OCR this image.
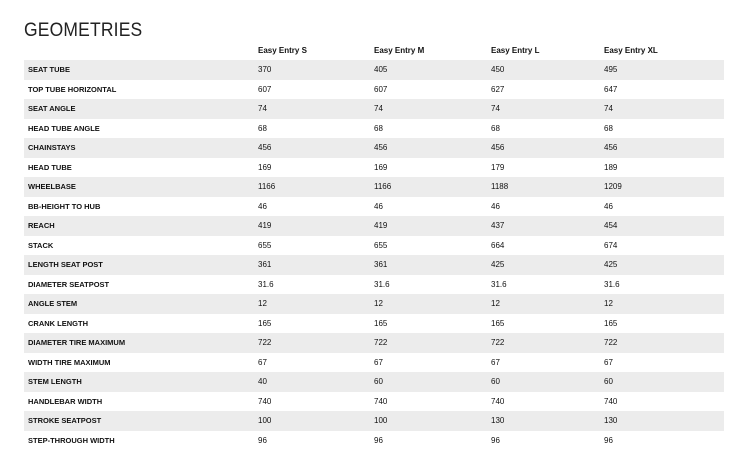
GEOMETRIES
Easy Entry S	Easy Entry M	Easy Entry L	Easy Entry XL
SEAT TUBE	370	405	450	495
TOP TUBE HORIZONTAL	607	607	627	647
SEAT ANGLE	74	74	74	74
HEAD TUBE ANGLE	68	68	68	68
CHAINSTAYS	456	456	456	456
HEAD TUBE	169	169	179	189
WHEELBASE	1166	1166	1188	1209
BB-HEIGHT TO HUB	46	46	46	46
REACH	419	419	437	454
STACK	655	655	664	674
LENGTH SEAT POST	361	361	425	425
DIAMETER SEATPOST	31.6	31.6	31.6	31.6
ANGLE STEM	12	12	12	12
CRANK LENGTH	165	165	165	165
DIAMETER TIRE MAXIMUM	722	722	722	722
WIDTH TIRE MAXIMUM	67	67	67	67
STEM LENGTH	40	60	60	60
HANDLEBAR WIDTH	740	740	740	740
STROKE SEATPOST	100	100	130	130
STEP-THROUGH WIDTH	96	96	96	96
